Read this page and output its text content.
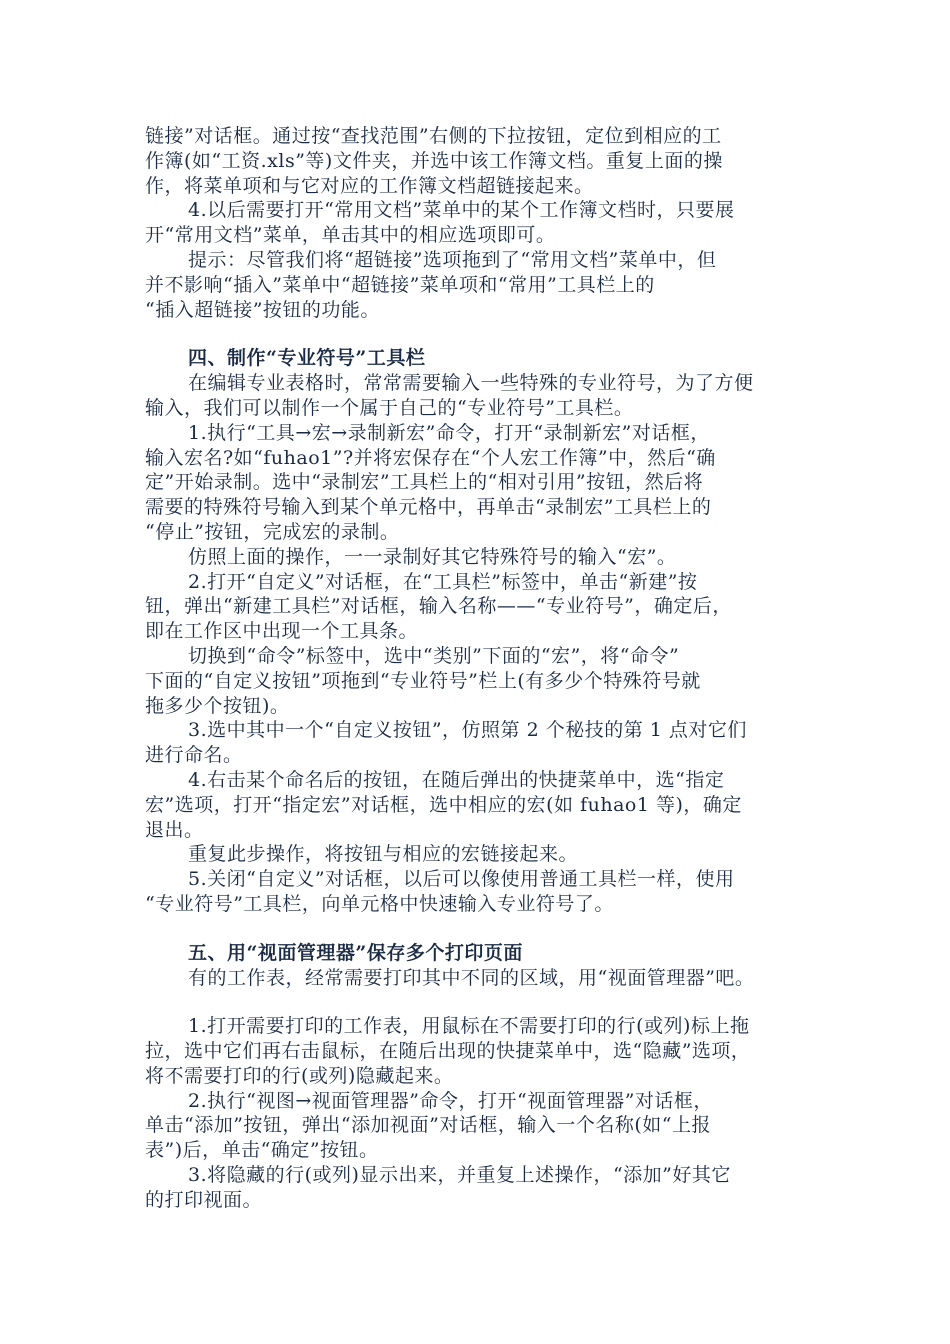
链接”对话框。通过按“查找范围”右侧的下拉按钮，定位到相应的工

作簿(如“工资.xls”等)文件夹，并选中该工作簿文档。重复上面的操

作，将菜单项和与它对应的工作簿文档超链接起来。

4.以后需要打开“常用文档”菜单中的某个工作簿文档时，只要展

开“常用文档”菜单，单击其中的相应选项即可。

提示：尽管我们将“超链接”选项拖到了“常用文档”菜单中，但

并不影响“插入”菜单中“超链接”菜单项和“常用”工具栏上的

“插入超链接”按钮的功能。

四、制作“专业符号”工具栏

在编辑专业表格时，常常需要输入一些特殊的专业符号，为了方便

输入，我们可以制作一个属于自己的“专业符号”工具栏。

1.执行“工具→宏→录制新宏”命令，打开“录制新宏”对话框，

输入宏名?如“fuhao1”?并将宏保存在“个人宏工作簿”中，然后“确

定”开始录制。选中“录制宏”工具栏上的“相对引用”按钮，然后将

需要的特殊符号输入到某个单元格中，再单击“录制宏”工具栏上的

“停止”按钮，完成宏的录制。

仿照上面的操作，一一录制好其它特殊符号的输入“宏”。

2.打开“自定义”对话框，在“工具栏”标签中，单击“新建”按

钮，弹出“新建工具栏”对话框，输入名称——“专业符号”，确定后，

即在工作区中出现一个工具条。

切换到“命令”标签中，选中“类别”下面的“宏”，将“命令”

下面的“自定义按钮”项拖到“专业符号”栏上(有多少个特殊符号就

拖多少个按钮)。

3.选中其中一个“自定义按钮”，仿照第 2 个秘技的第 1 点对它们

进行命名。

4.右击某个命名后的按钮，在随后弹出的快捷菜单中，选“指定

宏”选项，打开“指定宏”对话框，选中相应的宏(如 fuhao1 等)，确定

退出。

重复此步操作，将按钮与相应的宏链接起来。

5.关闭“自定义”对话框，以后可以像使用普通工具栏一样，使用

“专业符号”工具栏，向单元格中快速输入专业符号了。

五、用“视面管理器”保存多个打印页面

有的工作表，经常需要打印其中不同的区域，用“视面管理器”吧。

1.打开需要打印的工作表，用鼠标在不需要打印的行(或列)标上拖

拉，选中它们再右击鼠标，在随后出现的快捷菜单中，选“隐藏”选项，

将不需要打印的行(或列)隐藏起来。

2.执行“视图→视面管理器”命令，打开“视面管理器”对话框，

单击“添加”按钮，弹出“添加视面”对话框，输入一个名称(如“上报

表”)后，单击“确定”按钮。

3.将隐藏的行(或列)显示出来，并重复上述操作，“添加”好其它

的打印视面。
